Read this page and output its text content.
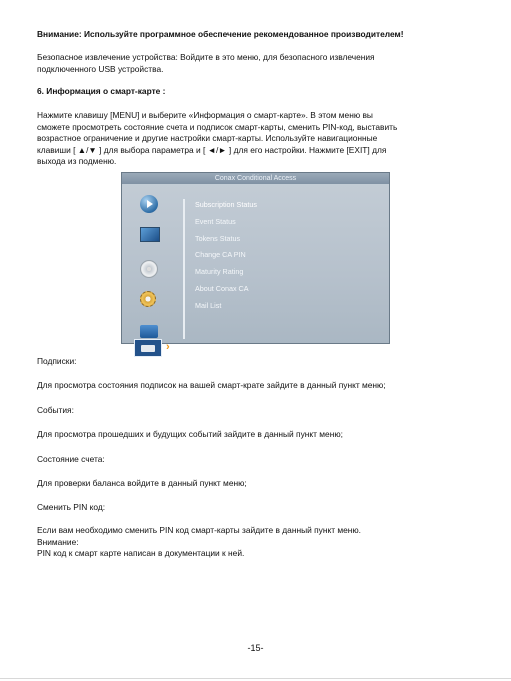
Внимание: Используйте программное обеспечение рекомендованное производителем!

Безопасное извлечение устройства: Войдите в это меню, для безопасного извлечения
подключенного USB устройства.

6. Информация о смарт-карте :

Нажмите клавишу [MENU] и выберите «Информация о смарт-карте». В этом меню вы
сможете просмотреть состояние счета и подписок смарт-карты, сменить PIN-код, выставить
возрастное ограничение и другие настройки смарт-карты. Используйте навигационные
клавиши [ ▲/▼ ] для выбора параметра и [ ◄/► ] для его настройки. Нажмите [EXIT] для
выхода из подменю.

Conax Conditional Access
›
Subscription Status
Event Status
Tokens Status
Change CA PIN
Maturity Rating
About Conax CA
Mail List

Подписки:

Для просмотра состояния подписок на вашей смарт-крате зайдите в данный пункт меню;

События:

Для просмотра прошедших и будущих событий зайдите в данный пункт меню;

Состояние счета:

Для проверки баланса войдите в данный пункт меню;

Сменить PIN код:

Если вам необходимо сменить PIN код смарт-карты зайдите в данный пункт меню.
Внимание:
PIN код к смарт карте написан в документации к ней.

-15-
